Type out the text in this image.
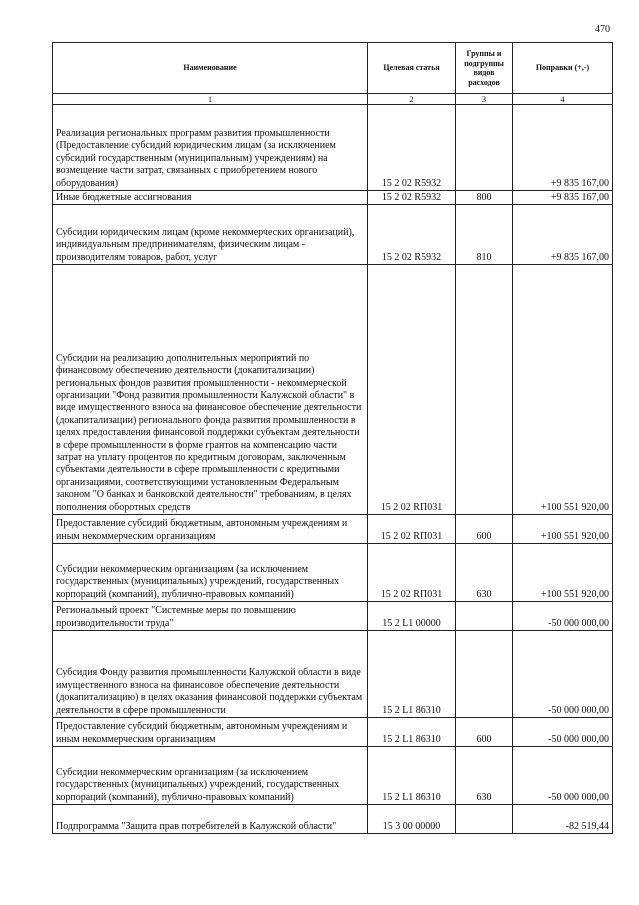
470
Наименование	Целевая статья	Группы и подгруппы видов расходов	Поправки (+,-)
1	2	3	4
Реализация региональных программ развития промышленности (Предоставление субсидий юридическим лицам (за исключением субсидий государственным (муниципальным) учреждениям) на возмещение части затрат, связанных с приобретением нового оборудования)	15 2 02 R5932		+9 835 167,00
Иные бюджетные ассигнования	15 2 02 R5932	800	+9 835 167,00
Субсидии юридическим лицам (кроме некоммерческих организаций), индивидуальным предпринимателям, физическим лицам - производителям товаров, работ, услуг	15 2 02 R5932	810	+9 835 167,00
Субсидии на реализацию дополнительных мероприятий по финансовому обеспечению деятельности (докапитализации) региональных фондов развития промышленности - некоммерческой организации "Фонд развития промышленности Калужской области" в виде имущественного взноса на финансовое обеспечение деятельности (докапитализации) регионального фонда развития промышленности в целях предоставления финансовой поддержки субъектам деятельности в сфере промышленности в форме грантов на компенсацию части затрат на уплату процентов по кредитным договорам, заключенным субъектами деятельности в сфере промышленности с кредитными организациями, соответствующими установленным Федеральным законом "О банках и банковской деятельности" требованиям, в целях пополнения оборотных средств	15 2 02 RП031		+100 551 920,00
Предоставление субсидий бюджетным, автономным учреждениям и иным некоммерческим организациям	15 2 02 RП031	600	+100 551 920,00
Субсидии некоммерческим организациям (за исключением государственных (муниципальных) учреждений, государственных корпораций (компаний), публично-правовых компаний)	15 2 02 RП031	630	+100 551 920,00
Региональный проект "Системные меры по повышению производительности труда"	15 2 L1 00000		-50 000 000,00
Субсидия Фонду развития промышленности Калужской области в виде имущественного взноса на финансовое обеспечение деятельности (докапитализацию) в целях оказания финансовой поддержки субъектам деятельности в сфере промышленности	15 2 L1 86310		-50 000 000,00
Предоставление субсидий бюджетным, автономным учреждениям и иным некоммерческим организациям	15 2 L1 86310	600	-50 000 000,00
Субсидии некоммерческим организациям (за исключением государственных (муниципальных) учреждений, государственных корпораций (компаний), публично-правовых компаний)	15 2 L1 86310	630	-50 000 000,00
Подпрограмма "Защита прав потребителей в Калужской области"	15 3 00 00000		-82 519,44
